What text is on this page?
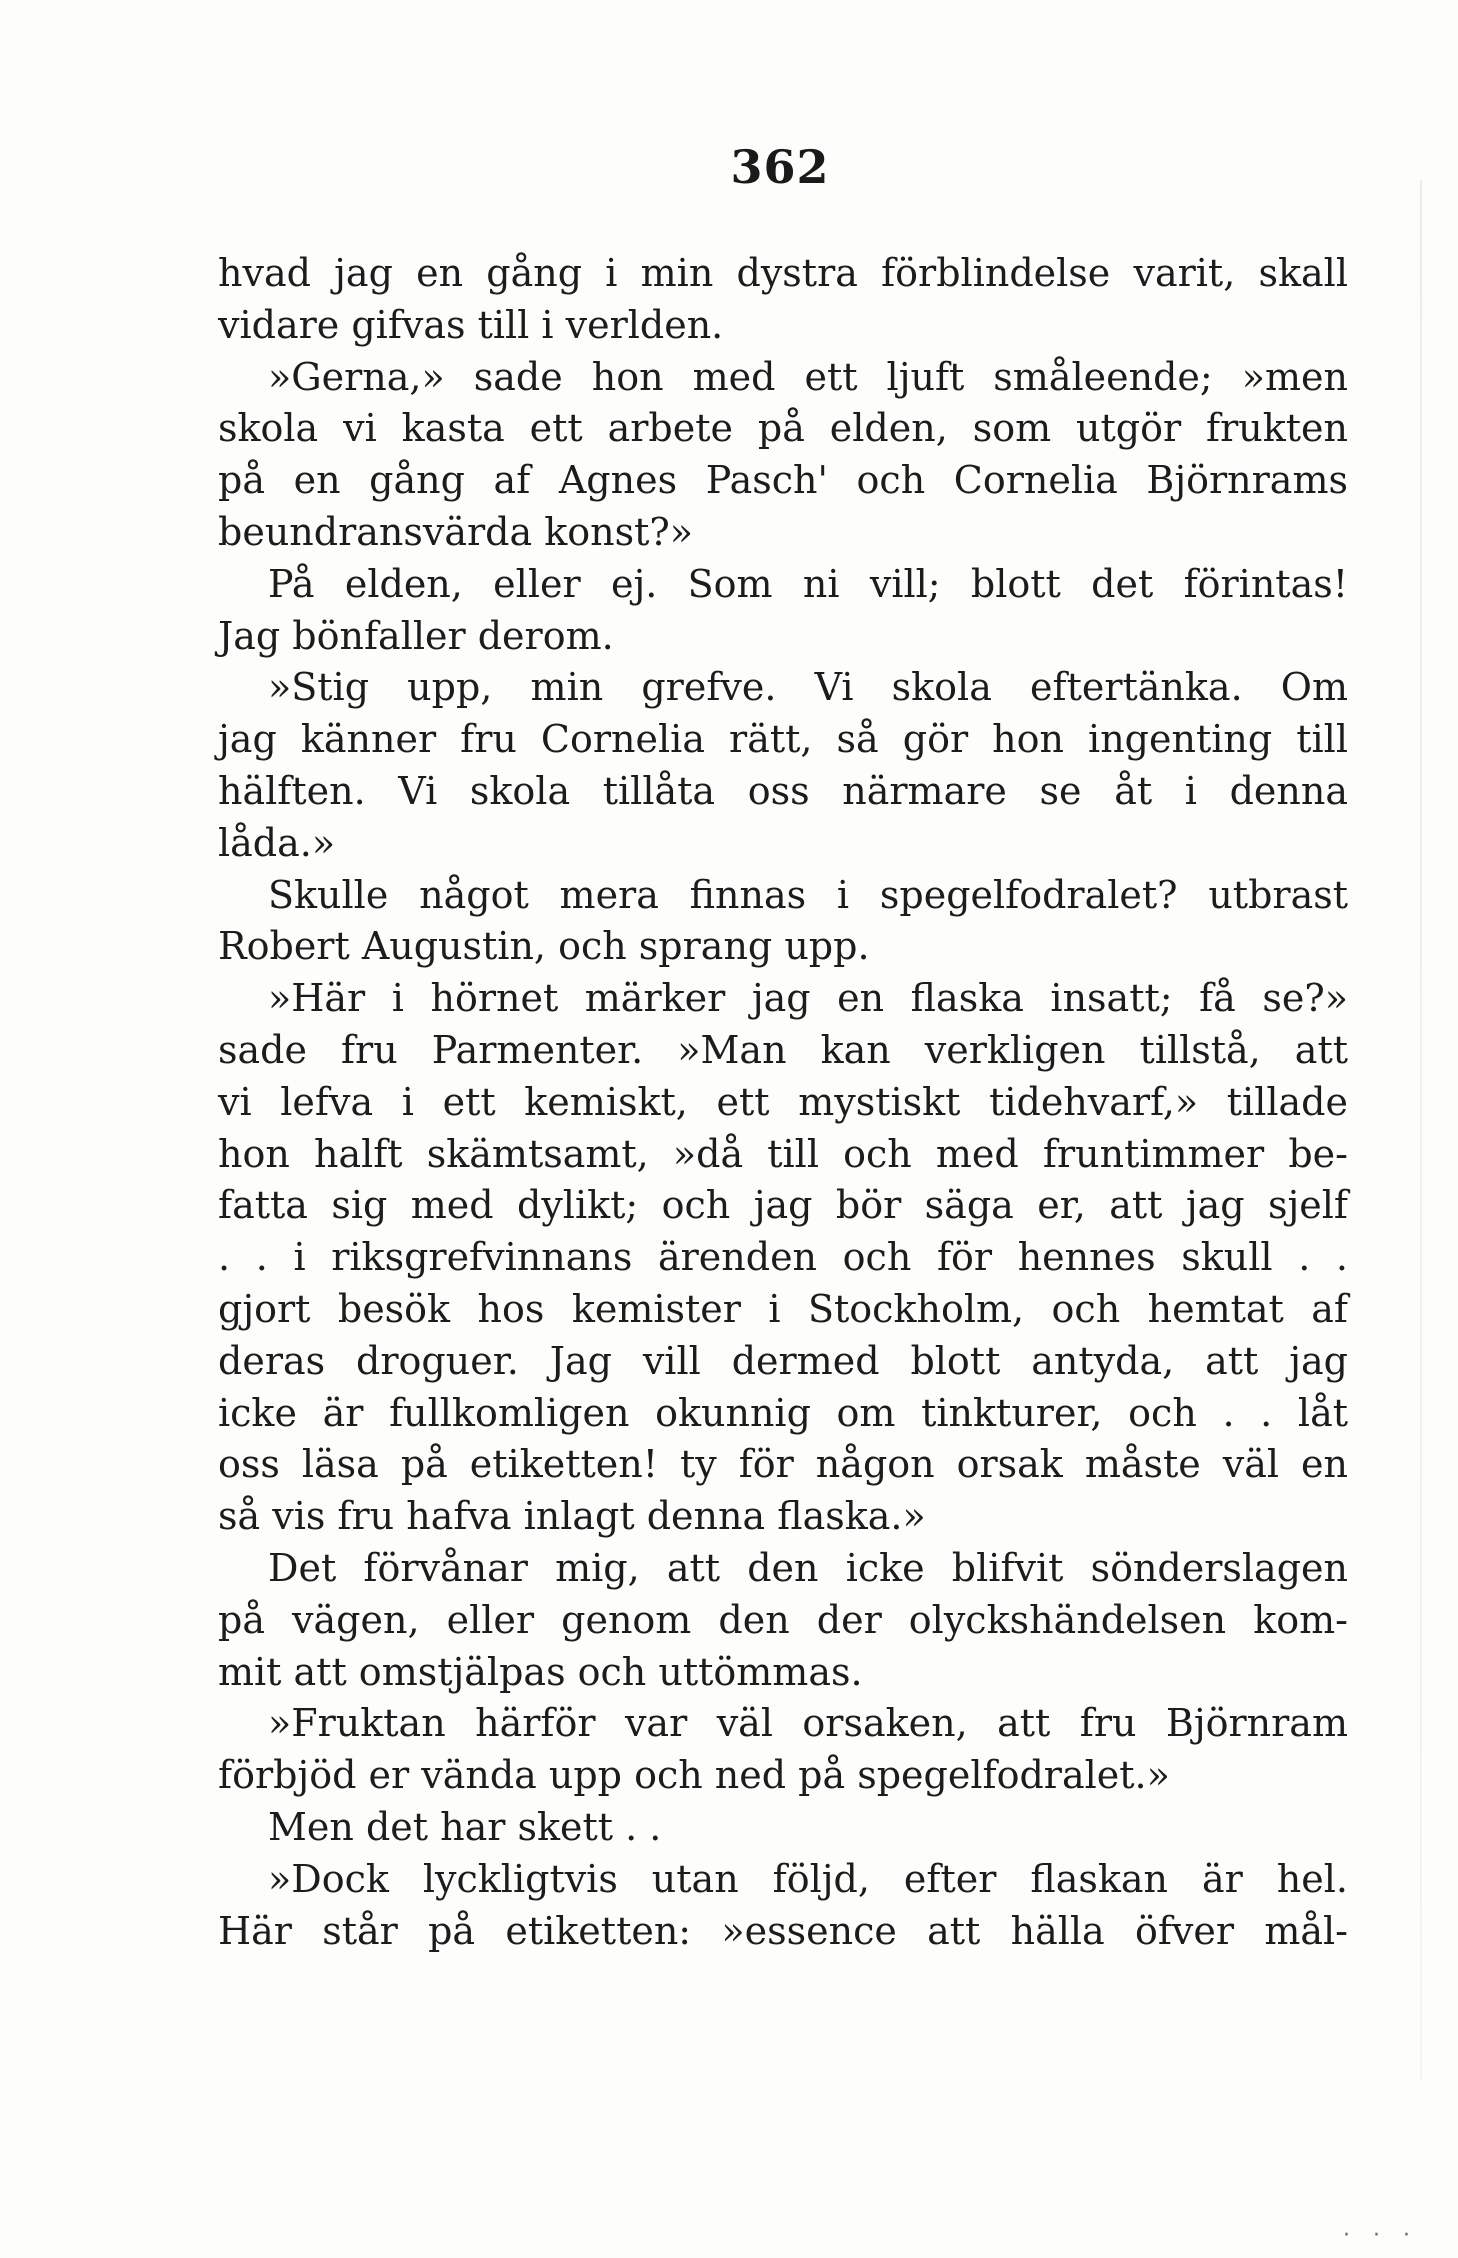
362
hvad jag en gång i min dystra förblindelse varit, skall
vidare gifvas till i verlden.
»Gerna,» sade hon med ett ljuft småleende; »men
skola vi kasta ett arbete på elden, som utgör frukten
på en gång af Agnes Pasch' och Cornelia Björnrams
beundransvärda konst?»
På elden, eller ej. Som ni vill; blott det förintas!
Jag bönfaller derom.
»Stig upp, min grefve. Vi skola eftertänka. Om
jag känner fru Cornelia rätt, så gör hon ingenting till
hälften. Vi skola tillåta oss närmare se åt i denna
låda.»
Skulle något mera finnas i spegelfodralet? utbrast
Robert Augustin, och sprang upp.
»Här i hörnet märker jag en flaska insatt; få se?»
sade fru Parmenter. »Man kan verkligen tillstå, att
vi lefva i ett kemiskt, ett mystiskt tidehvarf,» tillade
hon halft skämtsamt, »då till och med fruntimmer be-
fatta sig med dylikt; och jag bör säga er, att jag sjelf
. . i riksgrefvinnans ärenden och för hennes skull . .
gjort besök hos kemister i Stockholm, och hemtat af
deras droguer. Jag vill dermed blott antyda, att jag
icke är fullkomligen okunnig om tinkturer, och . . låt
oss läsa på etiketten! ty för någon orsak måste väl en
så vis fru hafva inlagt denna flaska.»
Det förvånar mig, att den icke blifvit sönderslagen
på vägen, eller genom den der olyckshändelsen kom-
mit att omstjälpas och uttömmas.
»Fruktan härför var väl orsaken, att fru Björnram
förbjöd er vända upp och ned på spegelfodralet.»
Men det har skett . .
»Dock lyckligtvis utan följd, efter flaskan är hel.
Här står på etiketten: »essence att hälla öfver mål-
· · ·
